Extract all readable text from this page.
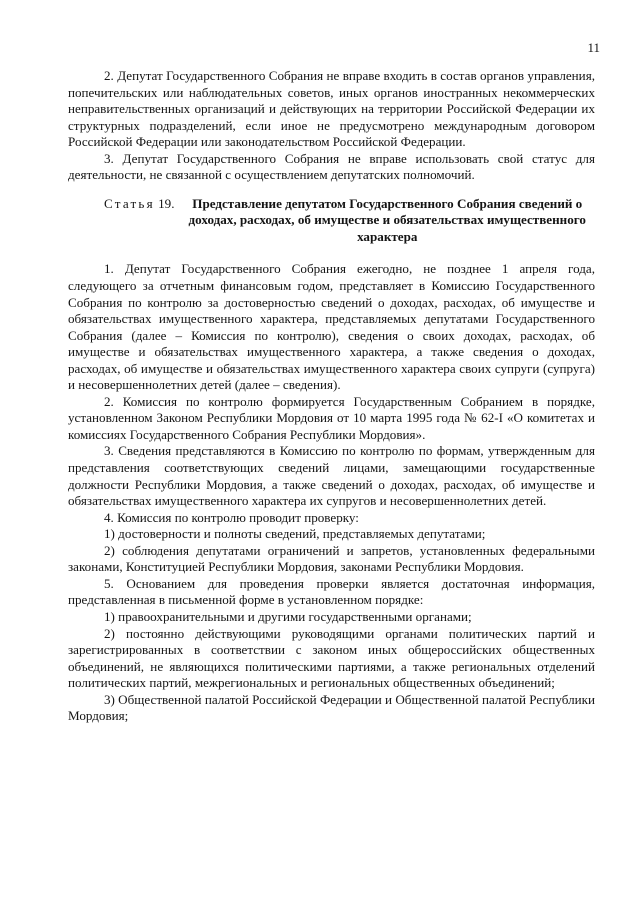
11

2. Депутат Государственного Собрания не вправе входить в состав органов управления, попечительских или наблюдательных советов, иных органов иностранных некоммерческих неправительственных организаций и действующих на территории Российской Федерации их структурных подразделений, если иное не предусмотрено международным договором Российской Федерации или законодательством Российской Федерации.

3. Депутат Государственного Собрания не вправе использовать свой статус для деятельности, не связанной с осуществлением депутатских полномочий.

Статья 19.	Представление депутатом Государственного Собрания сведений о доходах, расходах, об имуществе и обязательствах имущественного характера

1. Депутат Государственного Собрания ежегодно, не позднее 1 апреля года, следующего за отчетным финансовым годом, представляет в Комиссию Государственного Собрания по контролю за достоверностью сведений о доходах, расходах, об имуществе и обязательствах имущественного характера, представляемых депутатами Государственного Собрания (далее – Комиссия по контролю), сведения о своих доходах, расходах, об имуществе и обязательствах имущественного характера, а также сведения о доходах, расходах, об имуществе и обязательствах имущественного характера своих супруги (супруга) и несовершеннолетних детей (далее – сведения).

2. Комиссия по контролю формируется Государственным Собранием в порядке, установленном Законом Республики Мордовия от 10 марта 1995 года № 62-I «О комитетах и комиссиях Государственного Собрания Республики Мордовия».

3. Сведения представляются в Комиссию по контролю по формам, утвержденным для представления соответствующих сведений лицами, замещающими государственные должности Республики Мордовия, а также сведений о доходах, расходах, об имуществе и обязательствах имущественного характера их супругов и несовершеннолетних детей.

4. Комиссия по контролю проводит проверку:

1) достоверности и полноты сведений, представляемых депутатами;

2) соблюдения депутатами ограничений и запретов, установленных федеральными законами, Конституцией Республики Мордовия, законами Республики Мордовия.

5. Основанием для проведения проверки является достаточная информация, представленная в письменной форме в установленном порядке:

1) правоохранительными и другими государственными органами;

2) постоянно действующими руководящими органами политических партий и зарегистрированных в соответствии с законом иных общероссийских общественных объединений, не являющихся политическими партиями, а также региональных отделений политических партий, межрегиональных и региональных общественных объединений;

3) Общественной палатой Российской Федерации и Общественной палатой Республики Мордовия;
